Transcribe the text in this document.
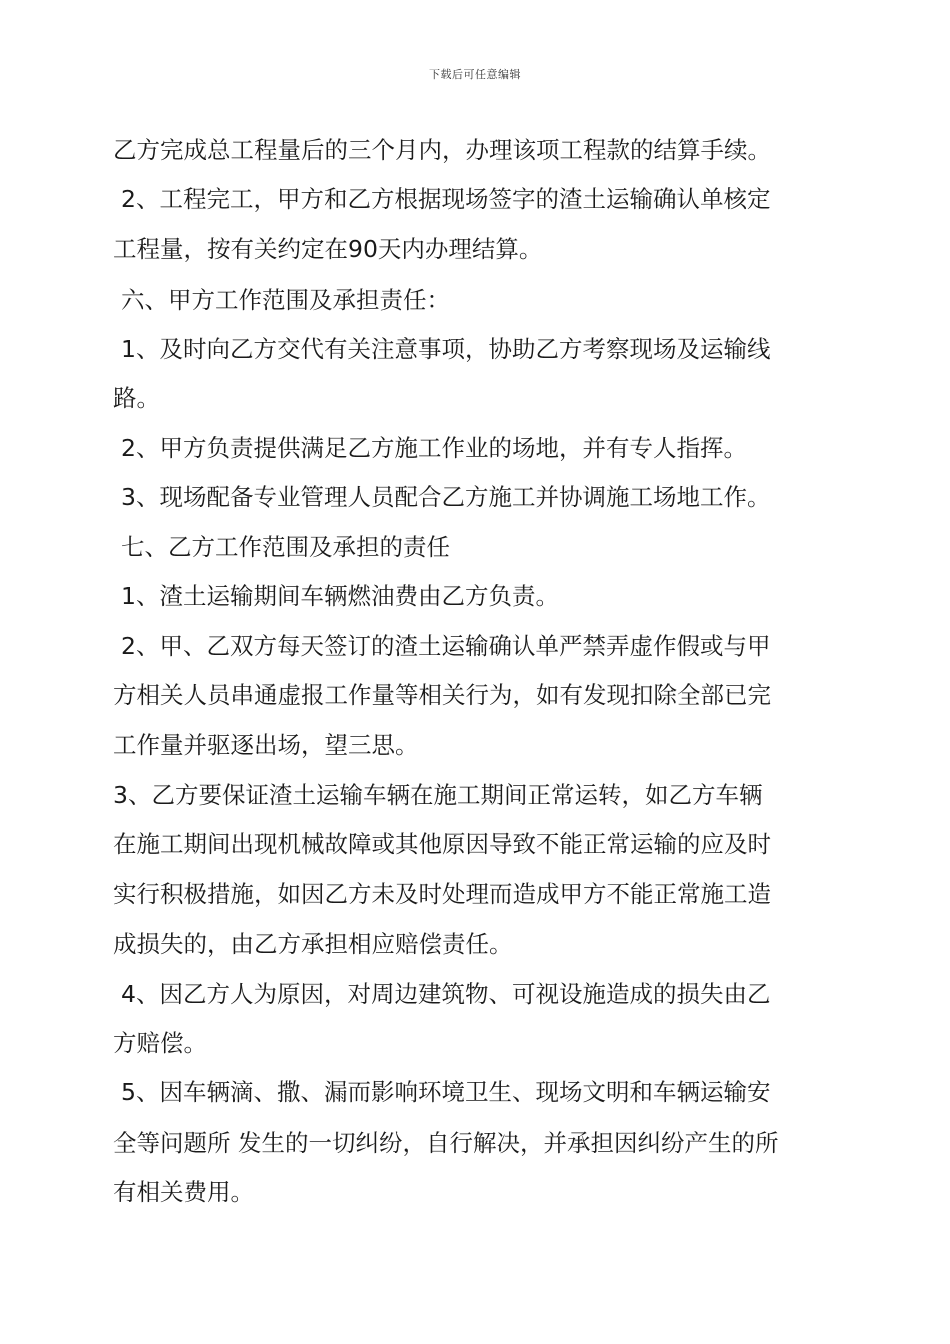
下载后可任意编辑
乙方完成总工程量后的三个月内，办理该项工程款的结算手续。
2、工程完工，甲方和乙方根据现场签字的渣土运输确认单核定
工程量，按有关约定在90天内办理结算。
六、甲方工作范围及承担责任：
1、及时向乙方交代有关注意事项，协助乙方考察现场及运输线
路。
2、甲方负责提供满足乙方施工作业的场地，并有专人指挥。
3、现场配备专业管理人员配合乙方施工并协调施工场地工作。
七、乙方工作范围及承担的责任
1、渣土运输期间车辆燃油费由乙方负责。
2、甲、乙双方每天签订的渣土运输确认单严禁弄虚作假或与甲
方相关人员串通虚报工作量等相关行为，如有发现扣除全部已完
工作量并驱逐出场，望三思。
3、乙方要保证渣土运输车辆在施工期间正常运转，如乙方车辆
在施工期间出现机械故障或其他原因导致不能正常运输的应及时
实行积极措施，如因乙方未及时处理而造成甲方不能正常施工造
成损失的，由乙方承担相应赔偿责任。
4、因乙方人为原因，对周边建筑物、可视设施造成的损失由乙
方赔偿。
5、因车辆滴、撒、漏而影响环境卫生、现场文明和车辆运输安
全等问题所 发生的一切纠纷，自行解决，并承担因纠纷产生的所
有相关费用。
